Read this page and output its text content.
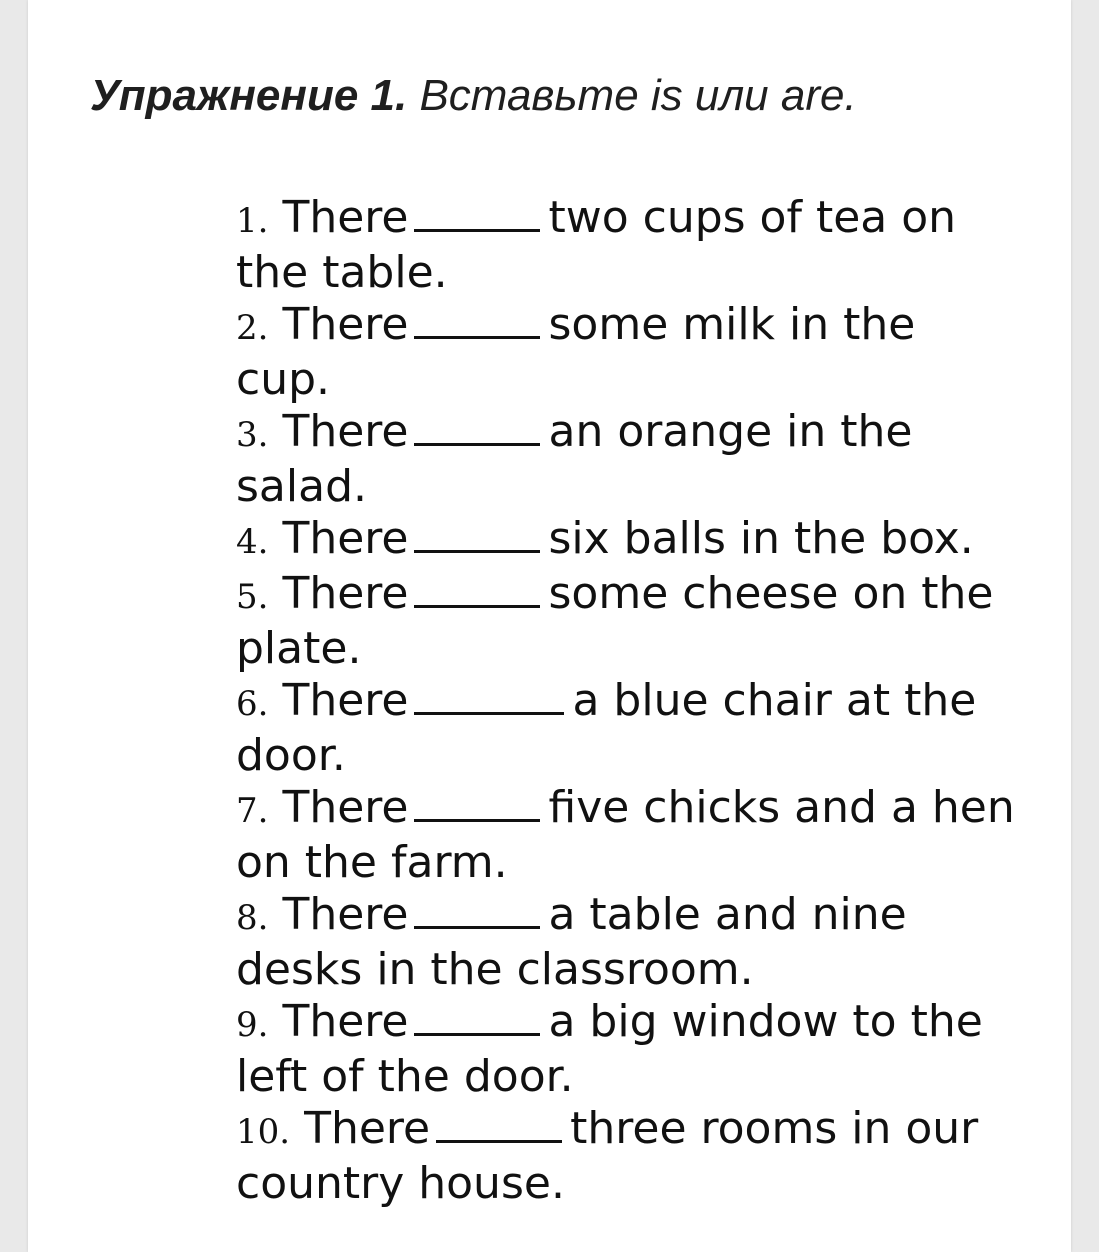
Упражнение 1. Вставьте is или are.
1. There	two cups of tea on the table.
2. There	some milk in the cup.
3. There	an orange in the salad.
4. There	six balls in the box.
5. There	some cheese on the plate.
6. There	a blue chair at the door.
7. There	five chicks and a hen on the farm.
8. There	a table and nine desks in the classroom.
9. There	a big window to the left of the door.
10. There	three rooms in our country house.
